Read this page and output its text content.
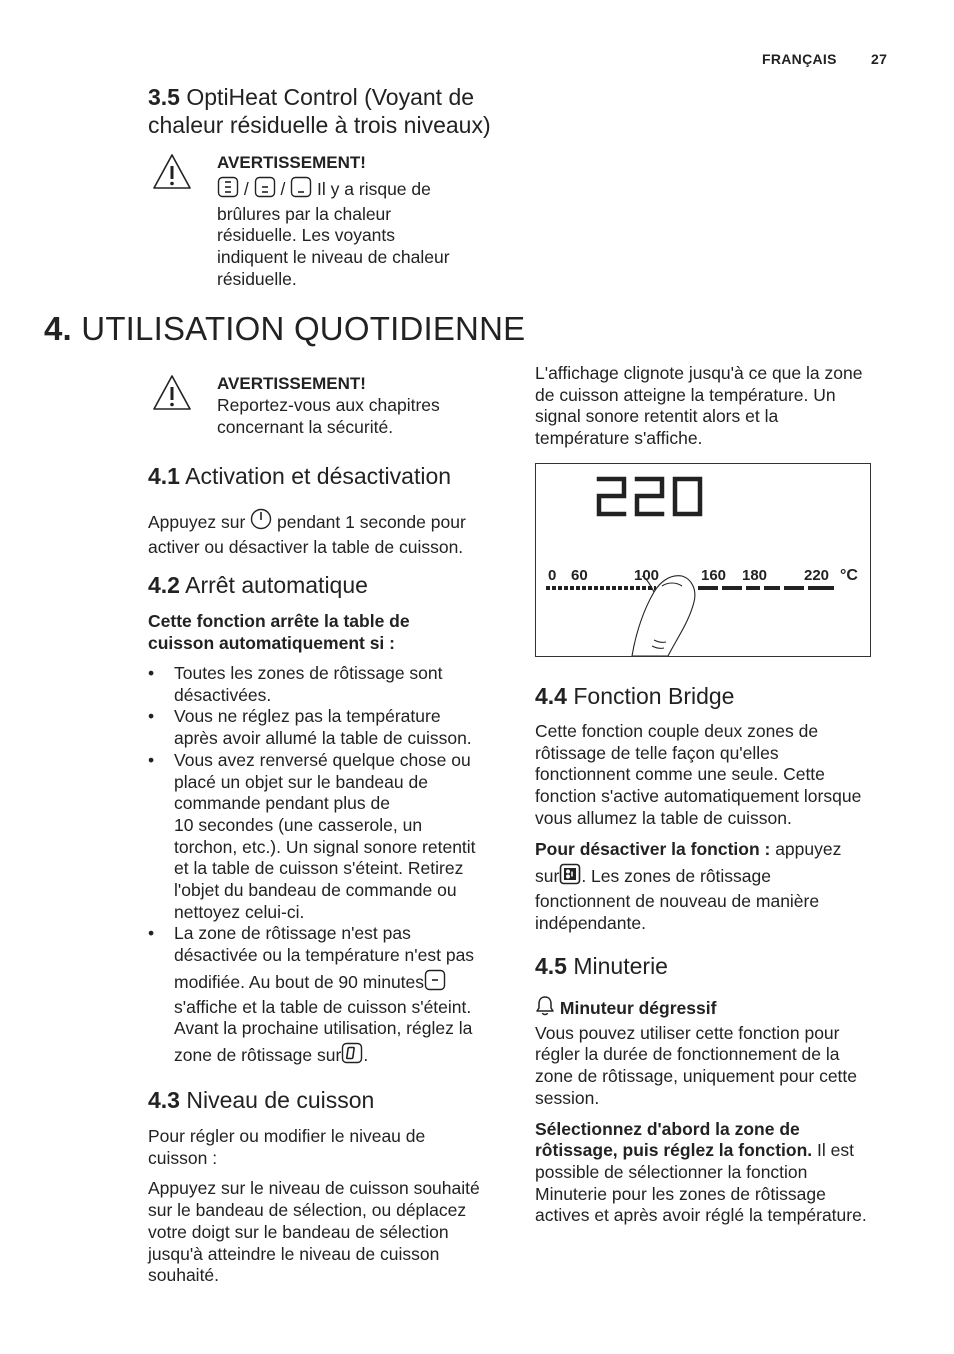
FRANÇAIS 27
3.5 OptiHeat Control (Voyant de
chaleur résiduelle à trois niveaux)
AVERTISSEMENT!
/  /  Il y a risque de
brûlures par la chaleur
résiduelle. Les voyants
indiquent le niveau de chaleur
résiduelle.
4. UTILISATION QUOTIDIENNE
AVERTISSEMENT!
Reportez-vous aux chapitres
concernant la sécurité.
4.1 Activation et désactivation
Appuyez sur  pendant 1 seconde pour
activer ou désactiver la table de cuisson.
4.2 Arrêt automatique
Cette fonction arrête la table de
cuisson automatiquement si :
• Toutes les zones de rôtissage sont
désactivées.
• Vous ne réglez pas la température
après avoir allumé la table de cuisson.
• Vous avez renversé quelque chose ou
placé un objet sur le bandeau de
commande pendant plus de
10 secondes (une casserole, un
torchon, etc.). Un signal sonore retentit
et la table de cuisson s'éteint. Retirez
l'objet du bandeau de commande ou
nettoyez celui-ci.
• La zone de rôtissage n'est pas
désactivée ou la température n'est pas
modifiée. Au bout de 90 minutes
s'affiche et la table de cuisson s'éteint.
Avant la prochaine utilisation, réglez la
zone de rôtissage sur.
4.3 Niveau de cuisson

Pour régler ou modifier le niveau de
cuisson :

Appuyez sur le niveau de cuisson souhaité
sur le bandeau de sélection, ou déplacez
votre doigt sur le bandeau de sélection
jusqu'à atteindre le niveau de cuisson
souhaité.

L'affichage clignote jusqu'à ce que la zone
de cuisson atteigne la température. Un
signal sonore retentit alors et la
température s'affiche.
220
0 60	100	160 180 220 °C
4.4 Fonction Bridge

Cette fonction couple deux zones de
rôtissage de telle façon qu'elles
fonctionnent comme une seule. Cette
fonction s'active automatiquement lorsque
vous allumez la table de cuisson.

Pour désactiver la fonction : appuyez
sur. Les zones de rôtissage
fonctionnent de nouveau de manière
indépendante.

4.5 Minuterie
Minuteur dégressif

Vous pouvez utiliser cette fonction pour
régler la durée de fonctionnement de la
zone de rôtissage, uniquement pour cette
session.

Sélectionnez d'abord la zone de
rôtissage, puis réglez la fonction. Il est
possible de sélectionner la fonction
Minuterie pour les zones de rôtissage
actives et après avoir réglé la température.
